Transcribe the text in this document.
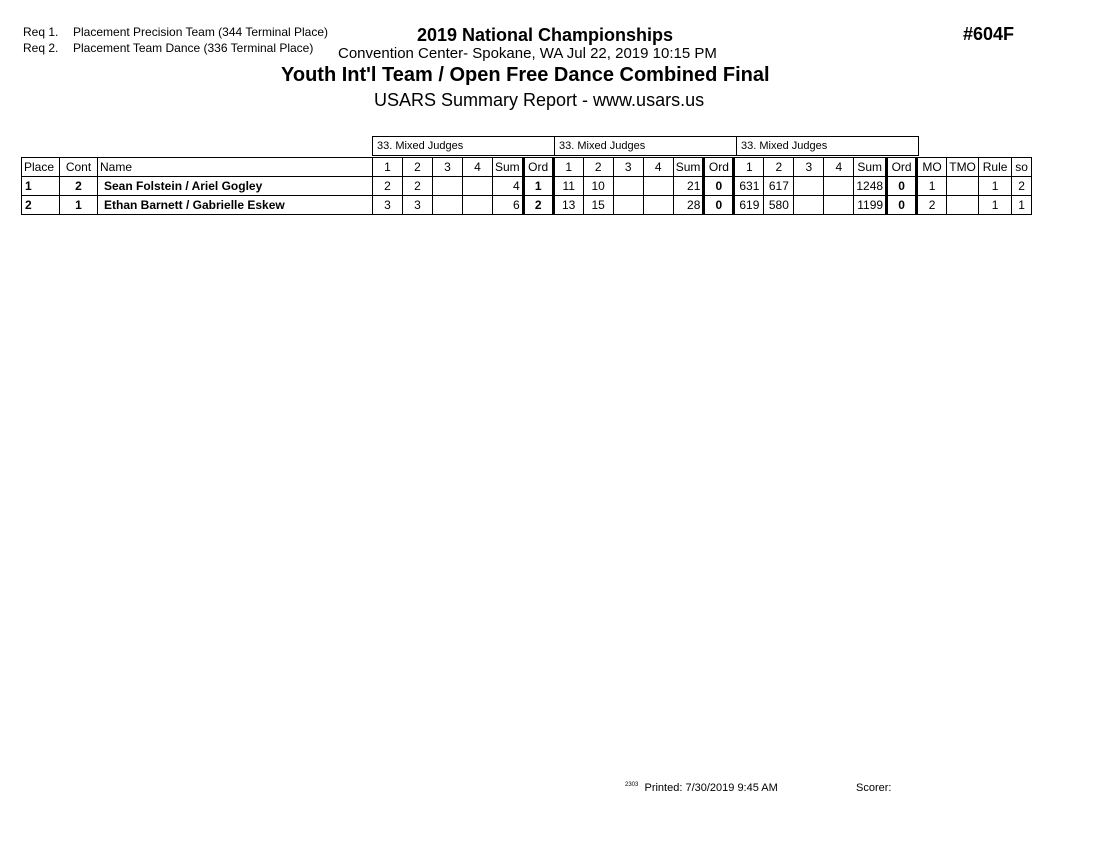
Req 1. Placement Precision Team (344 Terminal Place)
Req 2. Placement Team Dance (336 Terminal Place)
2019 National Championships
Convention Center- Spokane, WA Jul 22, 2019 10:15 PM
Youth Int'l Team / Open Free Dance Combined Final
USARS Summary Report - www.usars.us
#604F
33. Mixed Judges	33. Mixed Judges	33. Mixed Judges
Place	Cont	Name	1	2	3	4	Sum	Ord	1	2	3	4	Sum	Ord	1	2	3	4	Sum	Ord	MO	TMO	Rule	so
1	2	Sean Folstein / Ariel Gogley	2	2			4	1	11	10			21	0	631	617			1248	0	1		1	2
2	1	Ethan Barnett / Gabrielle Eskew	3	3			6	2	13	15			28	0	619	580			1199	0	2		1	1
$^{2303}$ Printed: 7/30/2019 9:45 AM	Scorer:
